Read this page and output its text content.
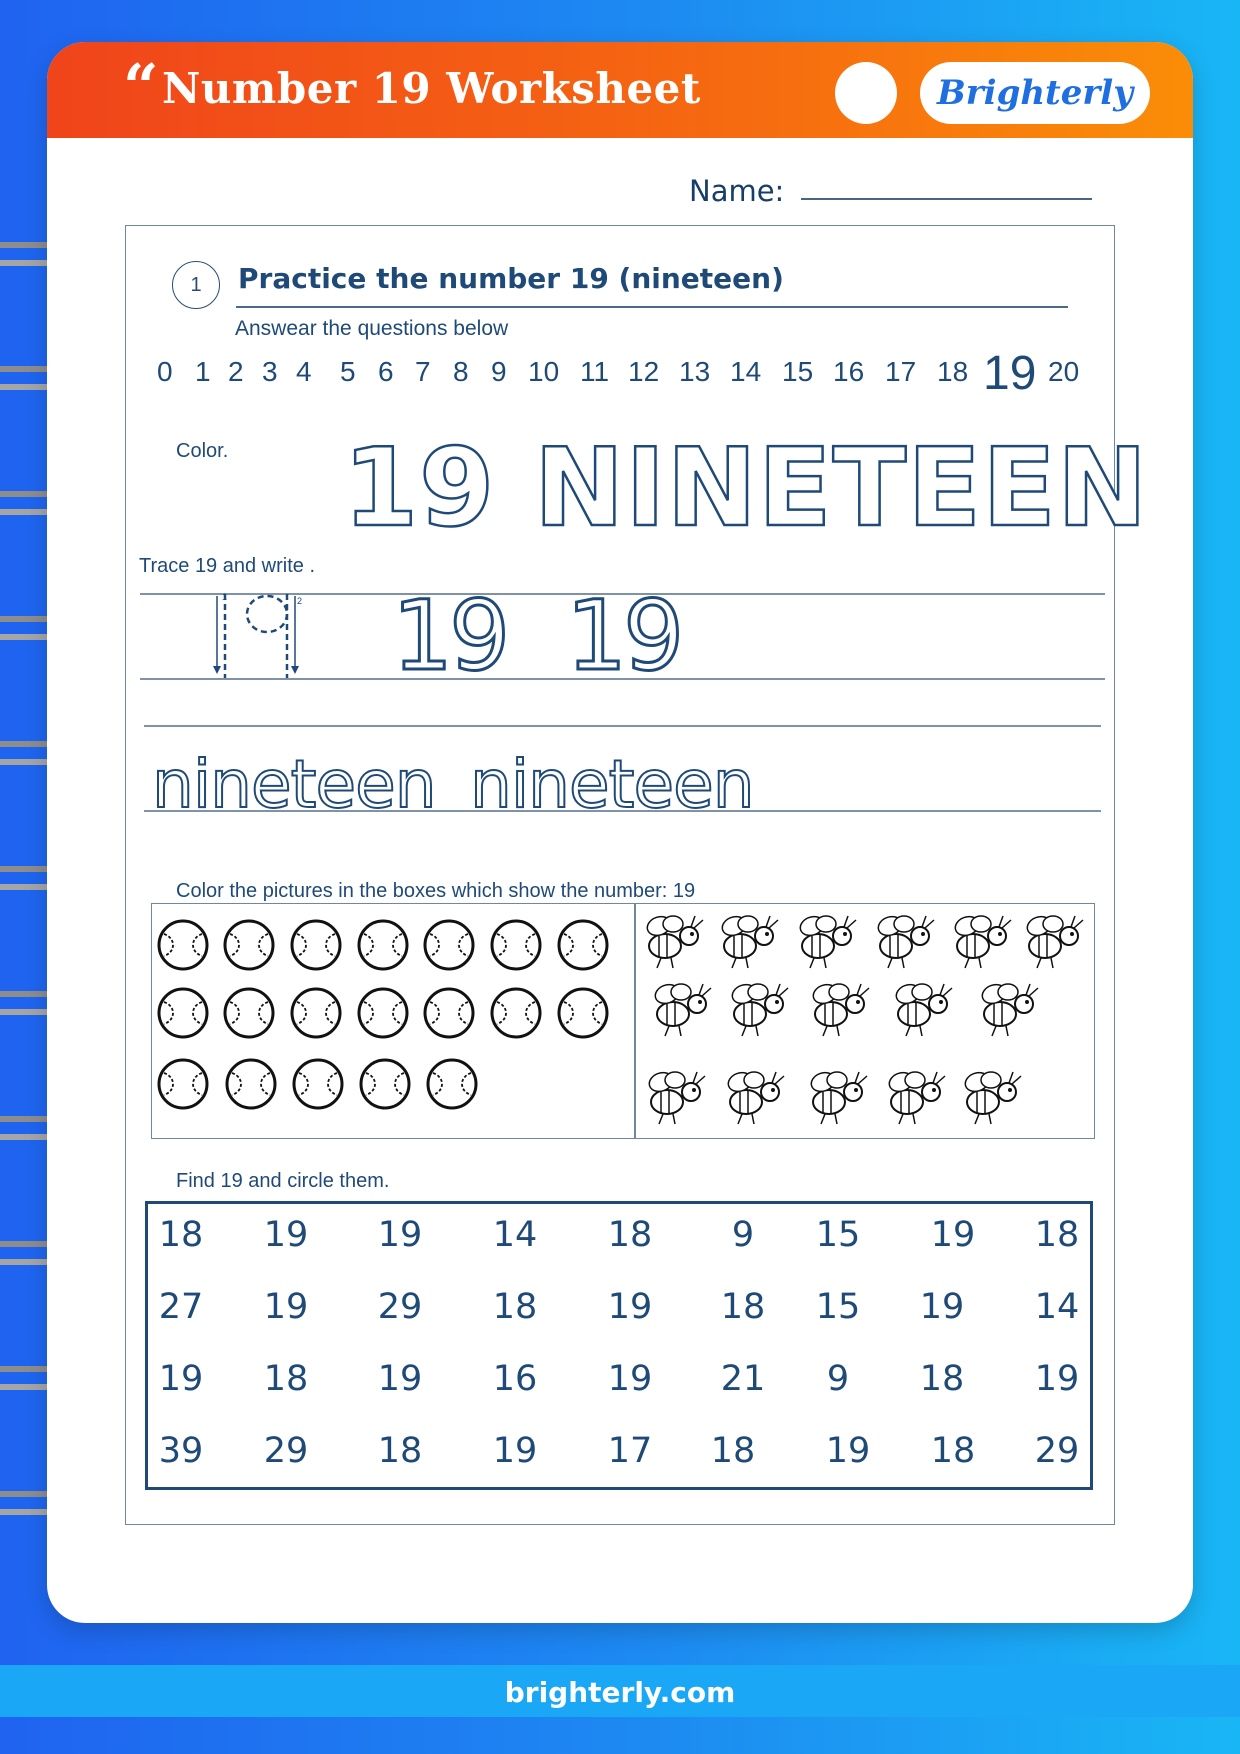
“ Number 19 Worksheet	Brighterly
Name:
1	Practice the number 19 (nineteen)
Answear the questions below
0 1 2 3 4 5 6 7 8 9 10 11 12 13 14 15 16 17 18 19 20
Color. 19 NINETEEN
Trace 19 and write .
1	2 19 19
nineteen nineteen
Color the pictures in the boxes which show the number: 19
Find 19 and circle them.
18 19 19 14 18 9 15 19 18
27 19 29 18 19 18 15 19 14
19 18 19 16 19 21 9 18 19
39 29 18 19 17 18 19 18 29
brighterly.com
